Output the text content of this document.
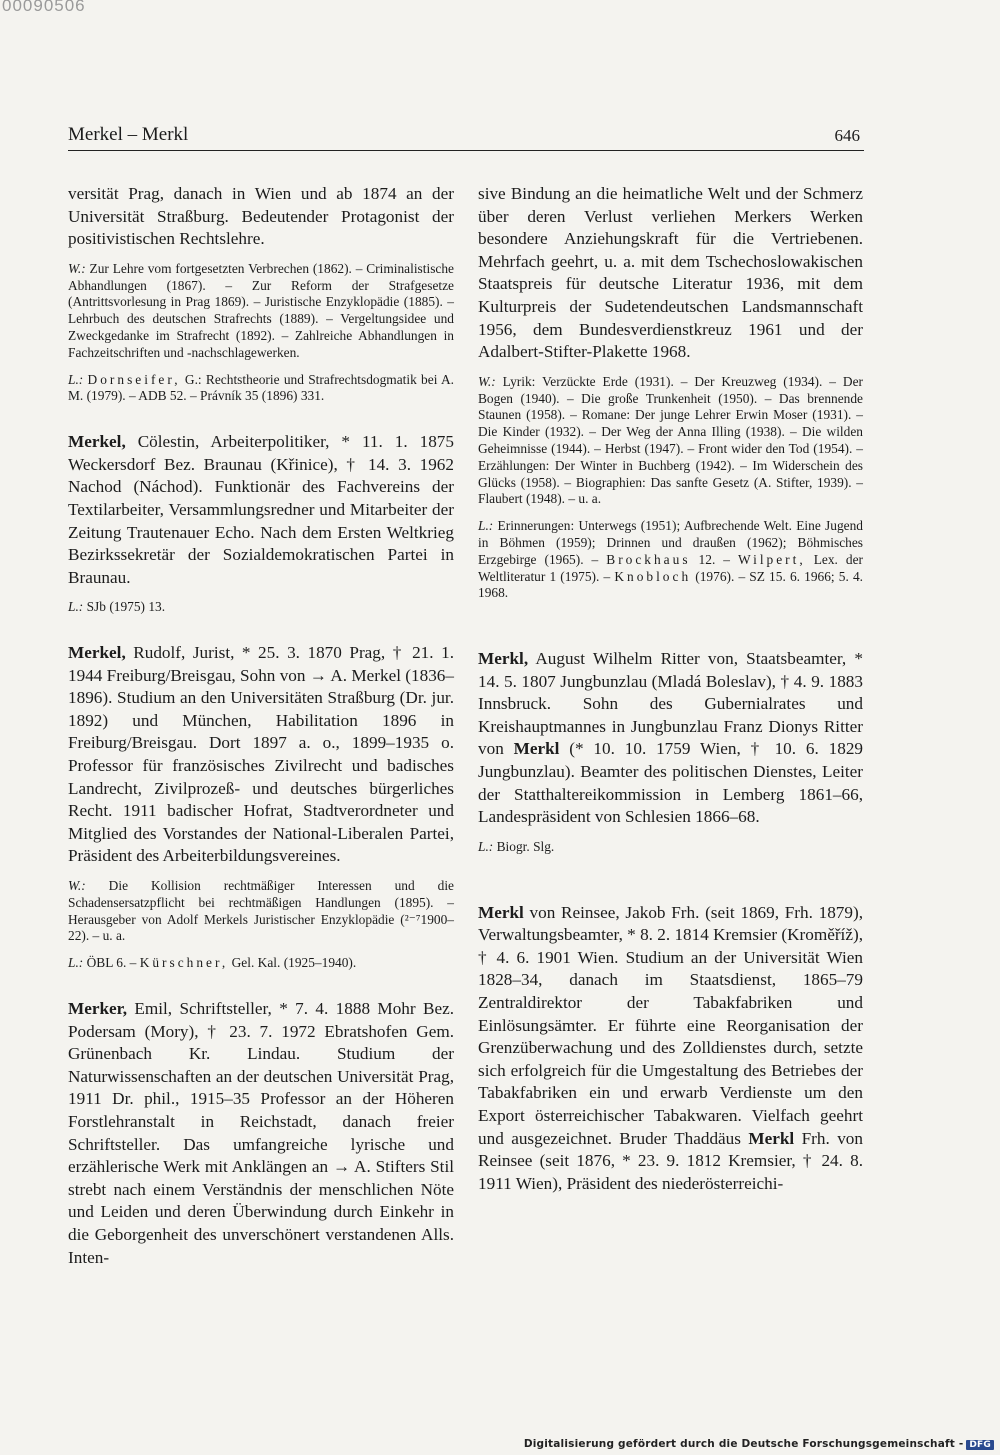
00090506
Merkel – Merkl	646

versität Prag, danach in Wien und ab 1874 an der Universität Straßburg. Bedeutender Protagonist der positivistischen Rechtslehre.

W.: Zur Lehre vom fortgesetzten Verbrechen (1862). – Criminalistische Abhandlungen (1867). – Zur Reform der Strafgesetze (Antrittsvorlesung in Prag 1869). – Juristische Enzyklopädie (1885). – Lehrbuch des deutschen Strafrechts (1889). – Vergeltungsidee und Zweckgedanke im Strafrecht (1892). – Zahlreiche Abhandlungen in Fachzeitschriften und -nachschlagewerken.

L.: Dornseifer, G.: Rechtstheorie und Strafrechtsdogmatik bei A. M. (1979). – ADB 52. – Právník 35 (1896) 331.

Merkel, Cölestin, Arbeiterpolitiker, * 11. 1. 1875 Weckersdorf Bez. Braunau (Křinice), † 14. 3. 1962 Nachod (Náchod). Funktionär des Fachvereins der Textilarbeiter, Versammlungsredner und Mitarbeiter der Zeitung Trautenauer Echo. Nach dem Ersten Weltkrieg Bezirkssekretär der Sozialdemokratischen Partei in Braunau.

L.: SJb (1975) 13.

Merkel, Rudolf, Jurist, * 25. 3. 1870 Prag, † 21. 1. 1944 Freiburg/Breisgau, Sohn von → A. Merkel (1836–1896). Studium an den Universitäten Straßburg (Dr. jur. 1892) und München, Habilitation 1896 in Freiburg/Breisgau. Dort 1897 a. o., 1899–1935 o. Professor für französisches Zivilrecht und badisches Landrecht, Zivilprozeß- und deutsches bürgerliches Recht. 1911 badischer Hofrat, Stadtverordneter und Mitglied des Vorstandes der National-Liberalen Partei, Präsident des Arbeiterbildungsvereines.

W.: Die Kollision rechtmäßiger Interessen und die Schadensersatzpflicht bei rechtmäßigen Handlungen (1895). – Herausgeber von Adolf Merkels Juristischer Enzyklopädie (²⁻⁷1900–22). – u. a.

L.: ÖBL 6. – Kürschner, Gel. Kal. (1925–1940).

Merker, Emil, Schriftsteller, * 7. 4. 1888 Mohr Bez. Podersam (Mory), † 23. 7. 1972 Ebratshofen Gem. Grünenbach Kr. Lindau. Studium der Naturwissenschaften an der deutschen Universität Prag, 1911 Dr. phil., 1915–35 Professor an der Höheren Forstlehranstalt in Reichstadt, danach freier Schriftsteller. Das umfangreiche lyrische und erzählerische Werk mit Anklängen an → A. Stifters Stil strebt nach einem Verständnis der menschlichen Nöte und Leiden und deren Überwindung durch Einkehr in die Geborgenheit des unverschönert verstandenen Alls. Inten-

sive Bindung an die heimatliche Welt und der Schmerz über deren Verlust verliehen Merkers Werken besondere Anziehungskraft für die Vertriebenen. Mehrfach geehrt, u. a. mit dem Tschechoslowakischen Staatspreis für deutsche Literatur 1936, mit dem Kulturpreis der Sudetendeutschen Landsmannschaft 1956, dem Bundesverdienstkreuz 1961 und der Adalbert-Stifter-Plakette 1968.

W.: Lyrik: Verzückte Erde (1931). – Der Kreuzweg (1934). – Der Bogen (1940). – Die große Trunkenheit (1950). – Das brennende Staunen (1958). – Romane: Der junge Lehrer Erwin Moser (1931). – Die Kinder (1932). – Der Weg der Anna Illing (1938). – Die wilden Geheimnisse (1944). – Herbst (1947). – Front wider den Tod (1954). – Erzählungen: Der Winter in Buchberg (1942). – Im Widerschein des Glücks (1958). – Biographien: Das sanfte Gesetz (A. Stifter, 1939). – Flaubert (1948). – u. a.

L.: Erinnerungen: Unterwegs (1951); Aufbrechende Welt. Eine Jugend in Böhmen (1959); Drinnen und draußen (1962); Böhmisches Erzgebirge (1965). – Brockhaus 12. – Wilpert, Lex. der Weltliteratur 1 (1975). – Knobloch (1976). – SZ 15. 6. 1966; 5. 4. 1968.

Merkl, August Wilhelm Ritter von, Staatsbeamter, * 14. 5. 1807 Jungbunzlau (Mladá Boleslav), † 4. 9. 1883 Innsbruck. Sohn des Gubernialrates und Kreishauptmannes in Jungbunzlau Franz Dionys Ritter von Merkl (* 10. 10. 1759 Wien, † 10. 6. 1829 Jungbunzlau). Beamter des politischen Dienstes, Leiter der Statthaltereikommission in Lemberg 1861–66, Landespräsident von Schlesien 1866–68.

L.: Biogr. Slg.

Merkl von Reinsee, Jakob Frh. (seit 1869, Frh. 1879), Verwaltungsbeamter, * 8. 2. 1814 Kremsier (Kroměříž), † 4. 6. 1901 Wien. Studium an der Universität Wien 1828–34, danach im Staatsdienst, 1865–79 Zentraldirektor der Tabakfabriken und Einlösungsämter. Er führte eine Reorganisation der Grenzüberwachung und des Zolldienstes durch, setzte sich erfolgreich für die Umgestaltung des Betriebes der Tabakfabriken ein und erwarb Verdienste um den Export österreichischer Tabakwaren. Vielfach geehrt und ausgezeichnet. Bruder Thaddäus Merkl Frh. von Reinsee (seit 1876, * 23. 9. 1812 Kremsier, † 24. 8. 1911 Wien), Präsident des niederösterreichi-

Digitalisierung gefördert durch die Deutsche Forschungsgemeinschaft - DFG
